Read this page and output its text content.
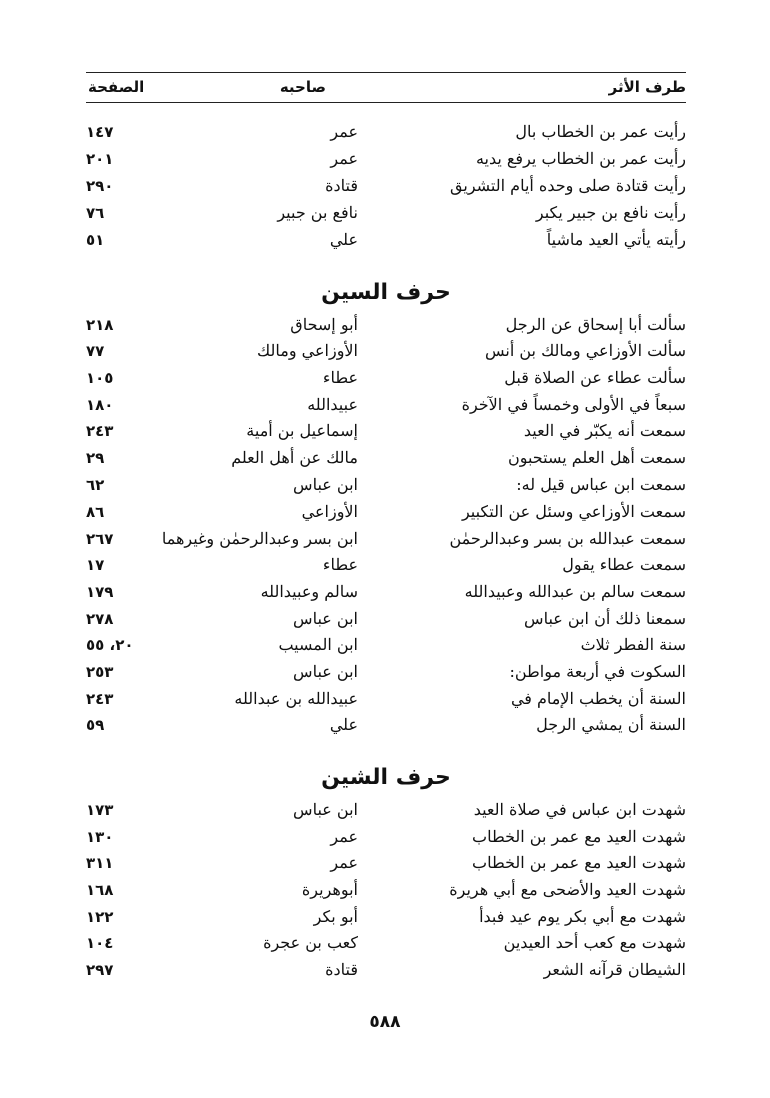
طرف الأثر
صاحبه
الصفحة
رأيت عمر بن الخطاب بال
عمر
١٤٧
رأيت عمر بن الخطاب يرفع يديه
عمر
٢٠١
رأيت قتادة صلى وحده أيام التشريق
قتادة
٢٩٠
رأيت نافع بن جبير يكبر
نافع بن جبير
٧٦
رأيته يأتي العيد ماشياً
علي
٥١
حرف السين
سألت أبا إسحاق عن الرجل
أبو إسحاق
٢١٨
سألت الأوزاعي ومالك بن أنس
الأوزاعي ومالك
٧٧
سألت عطاء عن الصلاة قبل
عطاء
١٠٥
سبعاً في الأولى وخمساً في الآخرة
عبيدالله
١٨٠
سمعت أنه يكبّر في العيد
إسماعيل بن أمية
٢٤٣
سمعت أهل العلم يستحبون
مالك عن أهل العلم
٢٩
سمعت ابن عباس قيل له:
ابن عباس
٦٢
سمعت الأوزاعي وسئل عن التكبير
الأوزاعي
٨٦
سمعت عبدالله بن بسر وعبدالرحمٰن
ابن بسر وعبدالرحمٰن وغيرهما
٢٦٧
سمعت عطاء يقول
عطاء
١٧
سمعت سالم بن عبدالله وعبيدالله
سالم وعبيدالله
١٧٩
سمعنا ذلك أن ابن عباس
ابن عباس
٢٧٨
سنة الفطر ثلاث
ابن المسيب
٢٠، ٥٥
السكوت في أربعة مواطن:
ابن عباس
٢٥٣
السنة أن يخطب الإمام في
عبيدالله بن عبدالله
٢٤٣
السنة أن يمشي الرجل
علي
٥٩
حرف الشين
شهدت ابن عباس في صلاة العيد
ابن عباس
١٧٣
شهدت العيد مع عمر بن الخطاب
عمر
١٣٠
شهدت العيد مع عمر بن الخطاب
عمر
٣١١
شهدت العيد والأضحى مع أبي هريرة
أبوهريرة
١٦٨
شهدت مع أبي بكر يوم عيد فبدأ
أبو بكر
١٢٢
شهدت مع كعب أحد العيدين
كعب بن عجرة
١٠٤
الشيطان قرآنه الشعر
قتادة
٢٩٧
٥٨٨
